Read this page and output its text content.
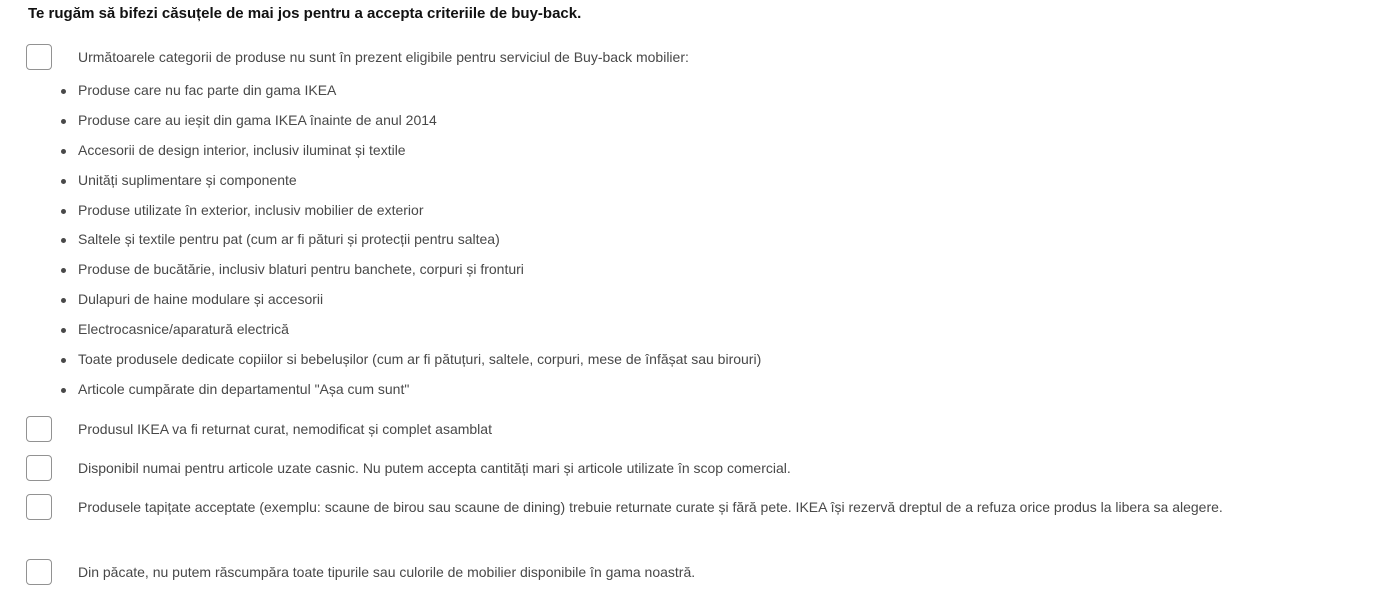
Te rugăm să bifezi căsuțele de mai jos pentru a accepta criteriile de buy-back.
Următoarele categorii de produse nu sunt în prezent eligibile pentru serviciul de Buy-back mobilier:
Produse care nu fac parte din gama IKEA
Produse care au ieșit din gama IKEA înainte de anul 2014
Accesorii de design interior, inclusiv iluminat și textile
Unități suplimentare și componente
Produse utilizate în exterior, inclusiv mobilier de exterior
Saltele și textile pentru pat (cum ar fi pături și protecții pentru saltea)
Produse de bucătărie, inclusiv blaturi pentru banchete, corpuri și fronturi
Dulapuri de haine modulare și accesorii
Electrocasnice/aparatură electrică
Toate produsele dedicate copiilor si bebelușilor (cum ar fi pătuțuri, saltele, corpuri, mese de înfășat sau birouri)
Articole cumpărate din departamentul "Așa cum sunt"
Produsul IKEA va fi returnat curat, nemodificat și complet asamblat
Disponibil numai pentru articole uzate casnic. Nu putem accepta cantități mari și articole utilizate în scop comercial.
Produsele tapițate acceptate (exemplu: scaune de birou sau scaune de dining) trebuie returnate curate și fără pete. IKEA își rezervă dreptul de a refuza orice produs la libera sa alegere.
Din păcate, nu putem răscumpăra toate tipurile sau culorile de mobilier disponibile în gama noastră.
